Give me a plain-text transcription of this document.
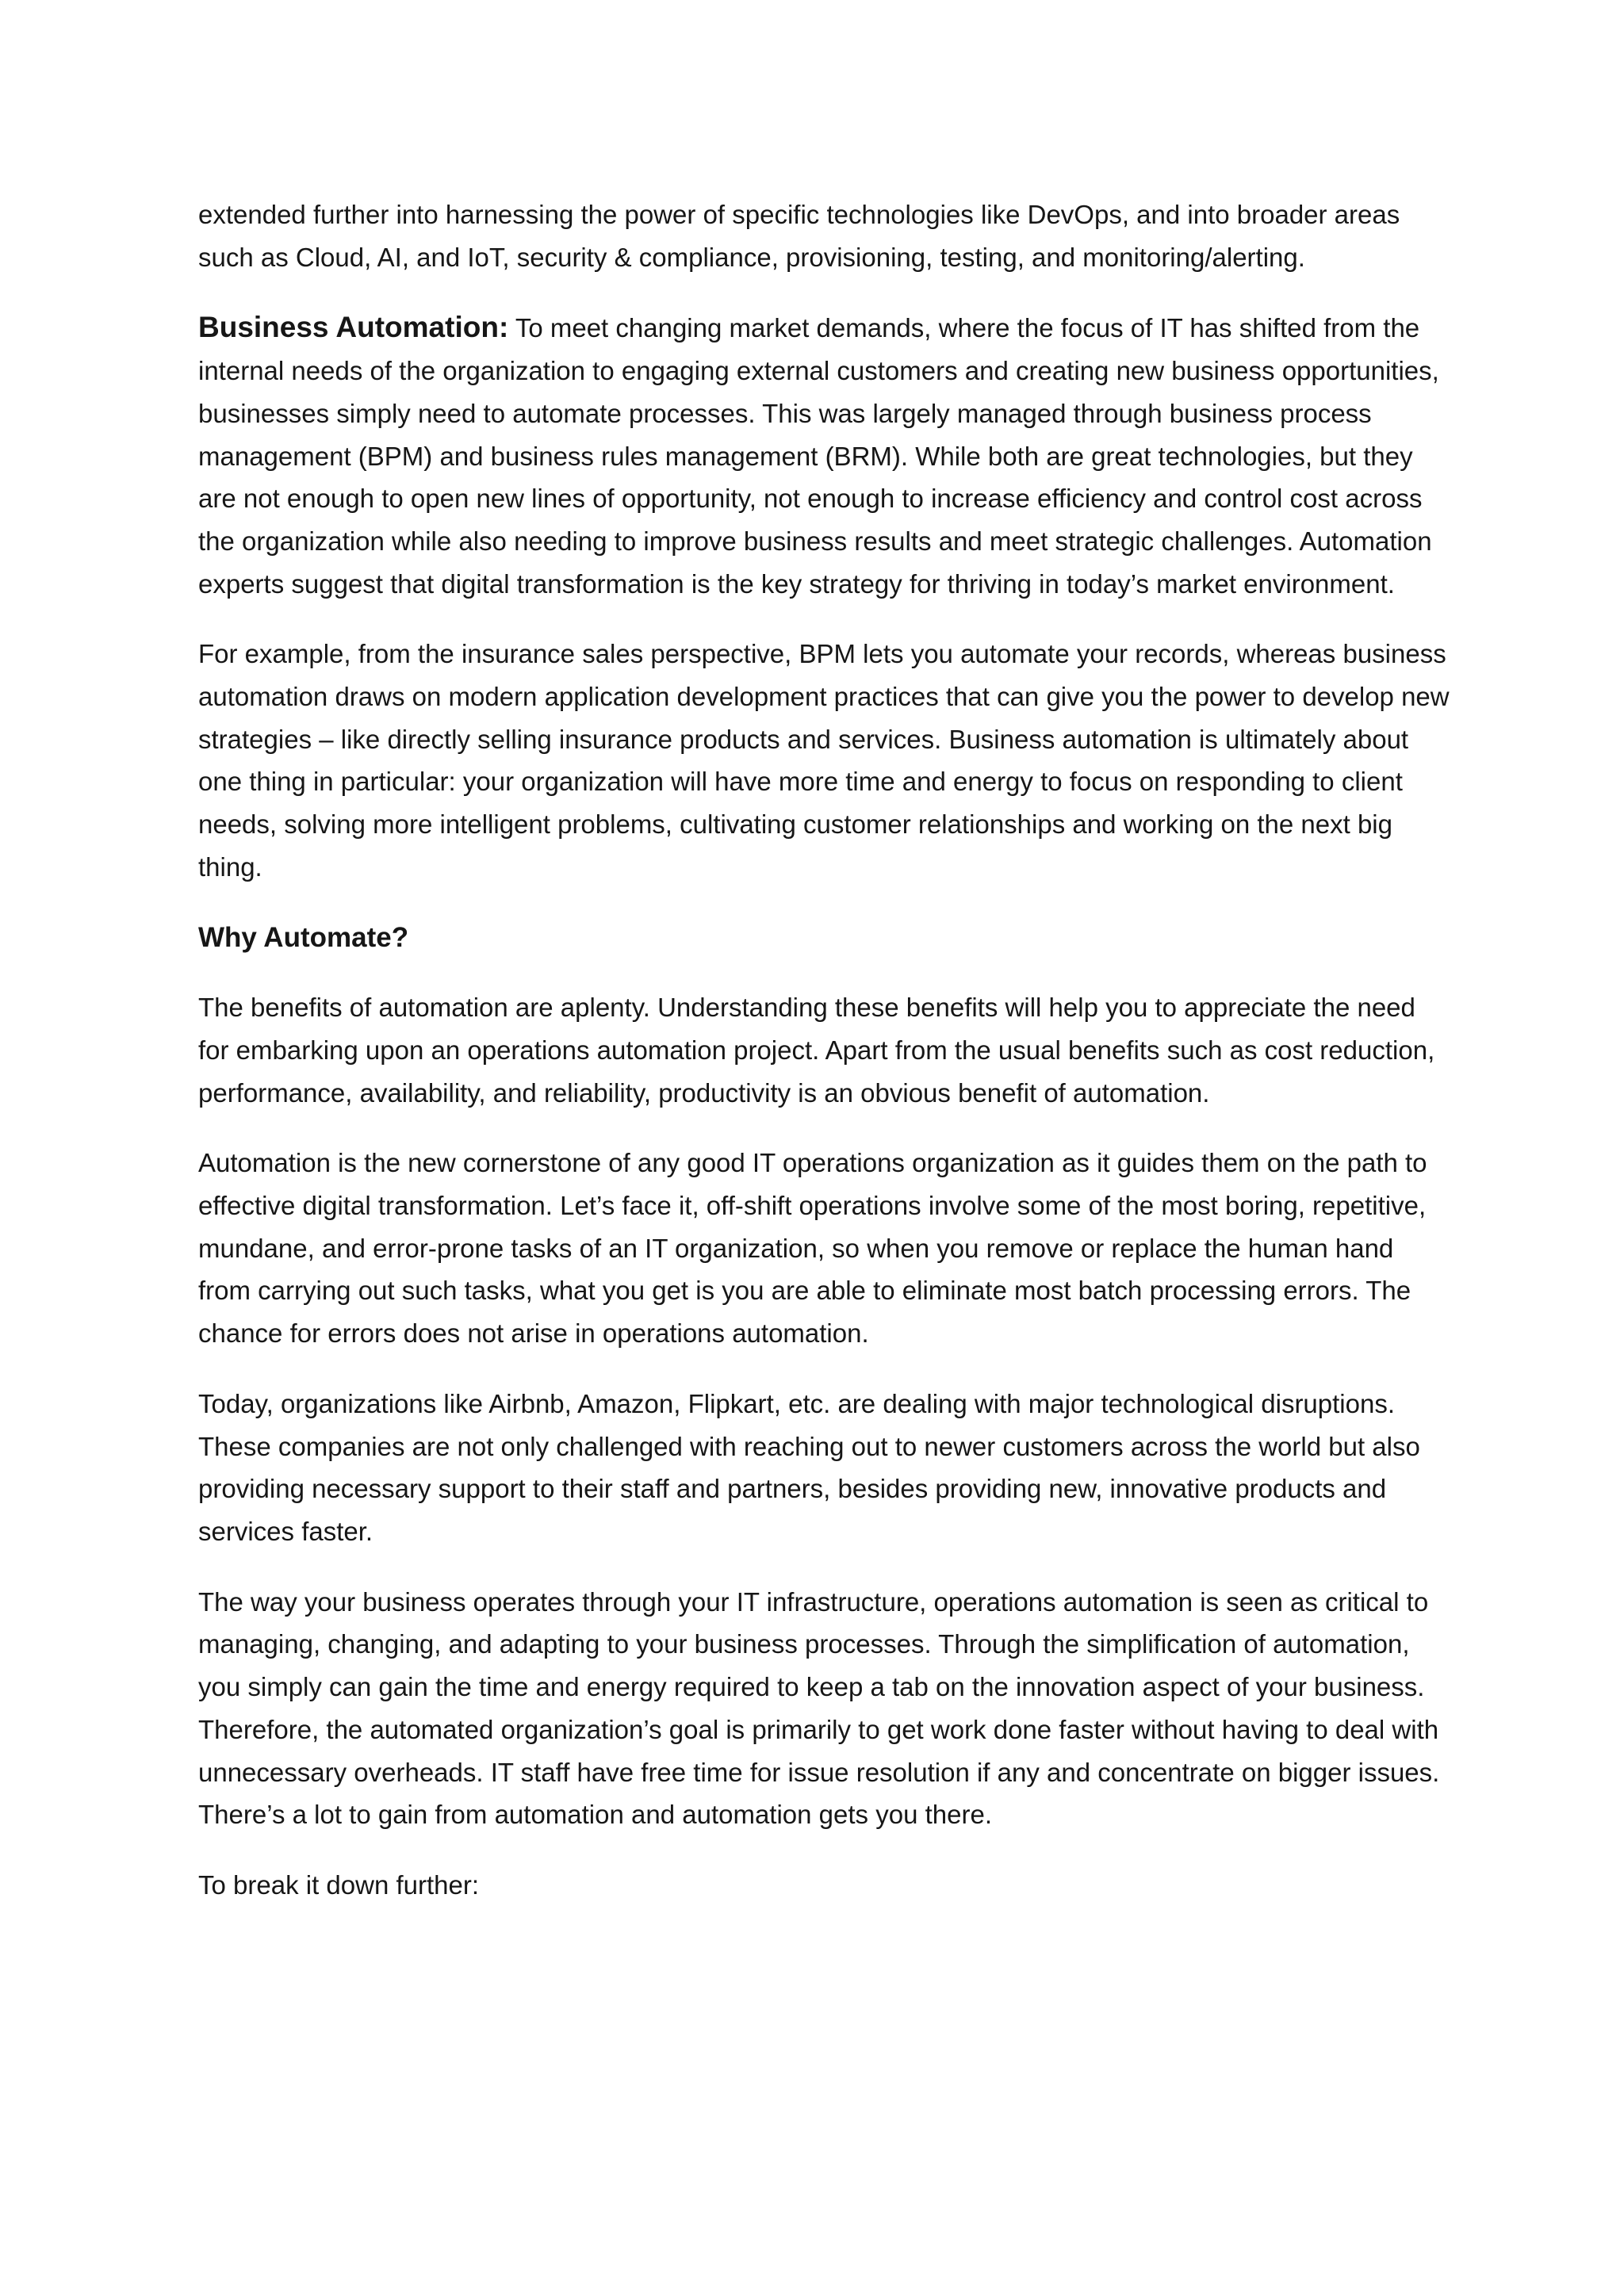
extended further into harnessing the power of specific technologies like DevOps, and into broader areas such as Cloud, AI, and IoT, security & compliance, provisioning, testing, and monitoring/alerting.

Business Automation: To meet changing market demands, where the focus of IT has shifted from the internal needs of the organization to engaging external customers and creating new business opportunities, businesses simply need to automate processes. This was largely managed through business process management (BPM) and business rules management (BRM). While both are great technologies, but they are not enough to open new lines of opportunity, not enough to increase efficiency and control cost across the organization while also needing to improve business results and meet strategic challenges. Automation experts suggest that digital transformation is the key strategy for thriving in today’s market environment.

For example, from the insurance sales perspective, BPM lets you automate your records, whereas business automation draws on modern application development practices that can give you the power to develop new strategies – like directly selling insurance products and services. Business automation is ultimately about one thing in particular: your organization will have more time and energy to focus on responding to client needs, solving more intelligent problems, cultivating customer relationships and working on the next big thing.

Why Automate?

The benefits of automation are aplenty. Understanding these benefits will help you to appreciate the need for embarking upon an operations automation project. Apart from the usual benefits such as cost reduction, performance, availability, and reliability, productivity is an obvious benefit of automation.

Automation is the new cornerstone of any good IT operations organization as it guides them on the path to effective digital transformation. Let’s face it, off-shift operations involve some of the most boring, repetitive, mundane, and error-prone tasks of an IT organization, so when you remove or replace the human hand from carrying out such tasks, what you get is you are able to eliminate most batch processing errors. The chance for errors does not arise in operations automation.

Today, organizations like Airbnb, Amazon, Flipkart, etc. are dealing with major technological disruptions. These companies are not only challenged with reaching out to newer customers across the world but also providing necessary support to their staff and partners, besides providing new, innovative products and services faster.

The way your business operates through your IT infrastructure, operations automation is seen as critical to managing, changing, and adapting to your business processes. Through the simplification of automation, you simply can gain the time and energy required to keep a tab on the innovation aspect of your business. Therefore, the automated organization’s goal is primarily to get work done faster without having to deal with unnecessary overheads. IT staff have free time for issue resolution if any and concentrate on bigger issues. There’s a lot to gain from automation and automation gets you there.

To break it down further:
